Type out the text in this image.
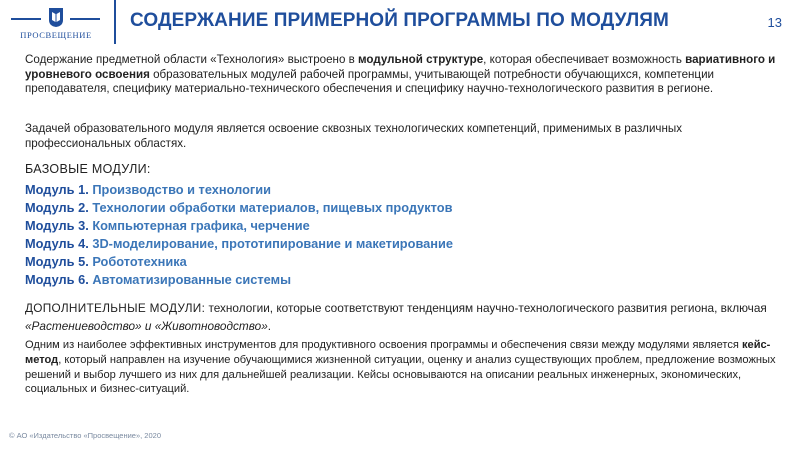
ПРОСВЕЩЕНИЕ
СОДЕРЖАНИЕ ПРИМЕРНОЙ ПРОГРАММЫ ПО МОДУЛЯМ	13
Содержание предметной области «Технология» выстроено в модульной структуре, которая обеспечивает возможность вариативного и уровневого освоения образовательных модулей рабочей программы, учитывающей потребности обучающихся, компетенции преподавателя, специфику материально-технического обеспечения и специфику научно-технологического развития в регионе.
Задачей образовательного модуля является освоение сквозных технологических компетенций, применимых в различных профессиональных областях.
БАЗОВЫЕ МОДУЛИ:
Модуль 1. Производство и технологии
Модуль 2. Технологии обработки материалов, пищевых продуктов
Модуль 3. Компьютерная графика, черчение
Модуль 4. 3D-моделирование, прототипирование и макетирование
Модуль 5. Робототехника
Модуль 6. Автоматизированные системы
ДОПОЛНИТЕЛЬНЫЕ МОДУЛИ: технологии, которые соответствуют тенденциям научно-технологического развития региона, включая «Растениеводство» и «Животноводство».
Одним из наиболее эффективных инструментов для продуктивного освоения программы и обеспечения связи между модулями является кейс-метод, который направлен на изучение обучающимися жизненной ситуации, оценку и анализ существующих проблем, предложение возможных решений и выбор лучшего из них для дальнейшей реализации. Кейсы основываются на описании реальных инженерных, экономических, социальных и бизнес-ситуаций.
© АО «Издательство «Просвещение», 2020
